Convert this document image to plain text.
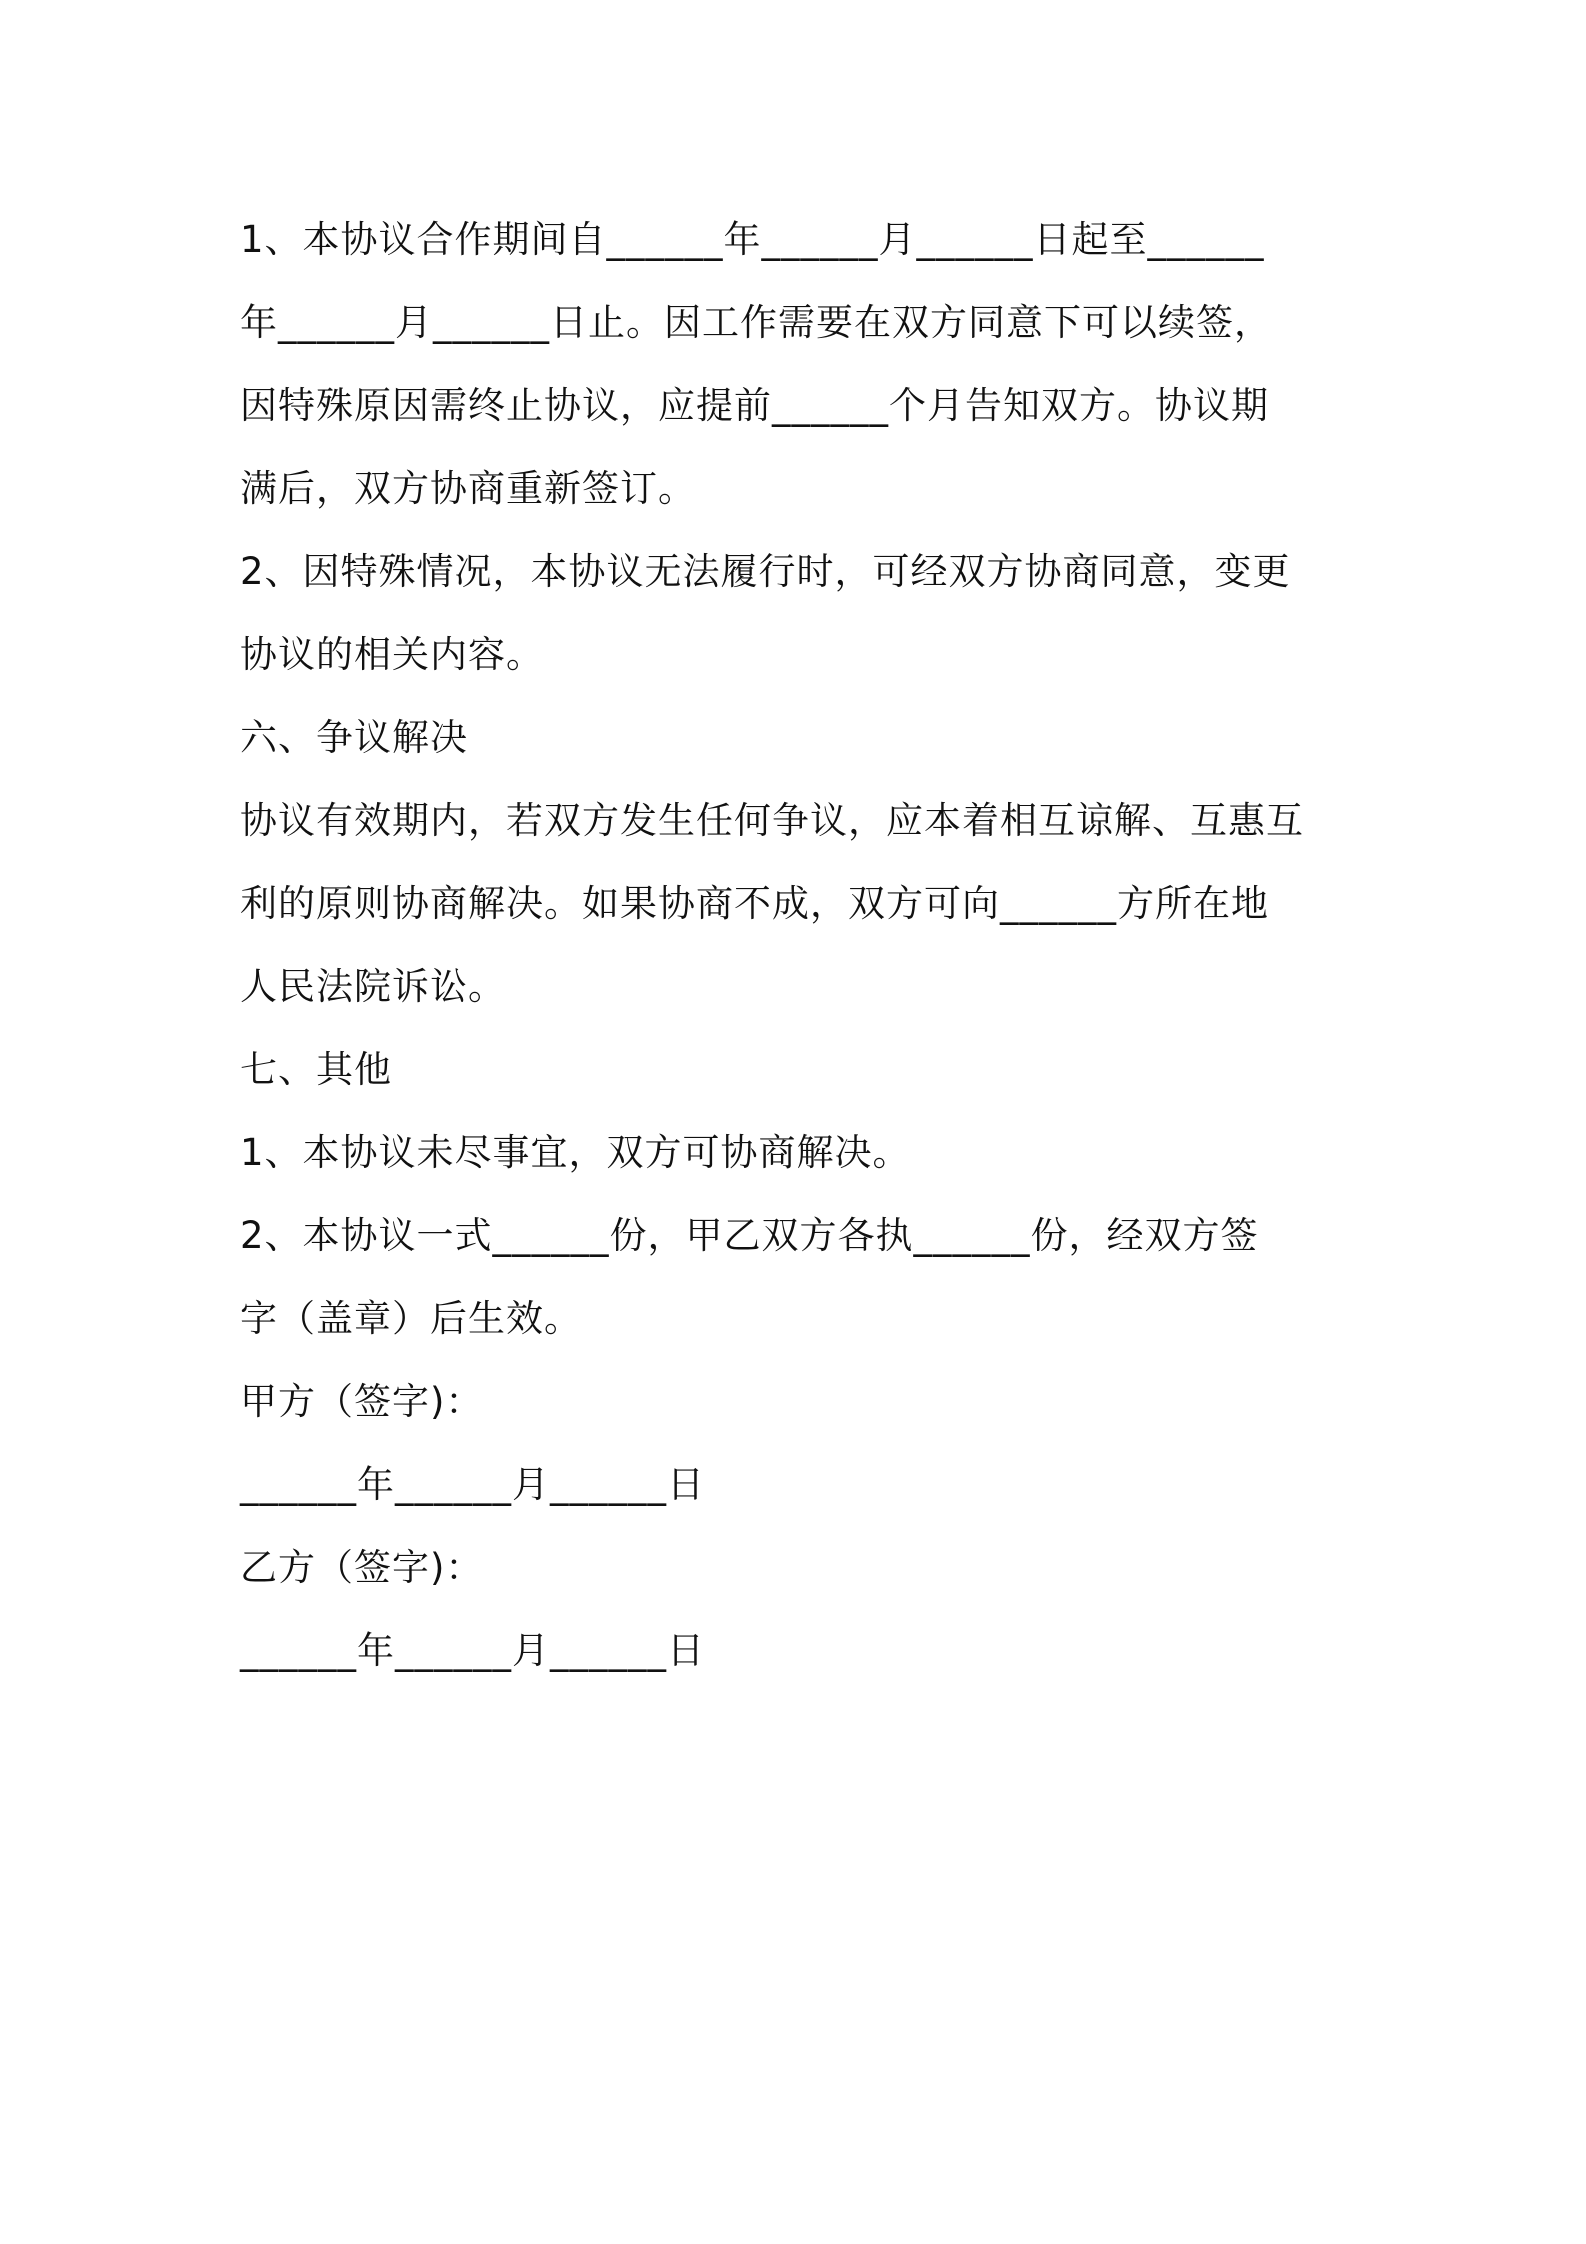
1、本协议合作期间自______年______月______日起至______
年______月______日止。因工作需要在双方同意下可以续签，
因特殊原因需终止协议，应提前______个月告知双方。协议期
满后，双方协商重新签订。
2、因特殊情况，本协议无法履行时，可经双方协商同意，变更
协议的相关内容。
六、争议解决
协议有效期内，若双方发生任何争议，应本着相互谅解、互惠互
利的原则协商解决。如果协商不成，双方可向______方所在地
人民法院诉讼。
七、其他
1、本协议未尽事宜，双方可协商解决。
2、本协议一式______份，甲乙双方各执______份，经双方签
字（盖章）后生效。
甲方（签字)：
______年______月______日
乙方（签字)：
______年______月______日
